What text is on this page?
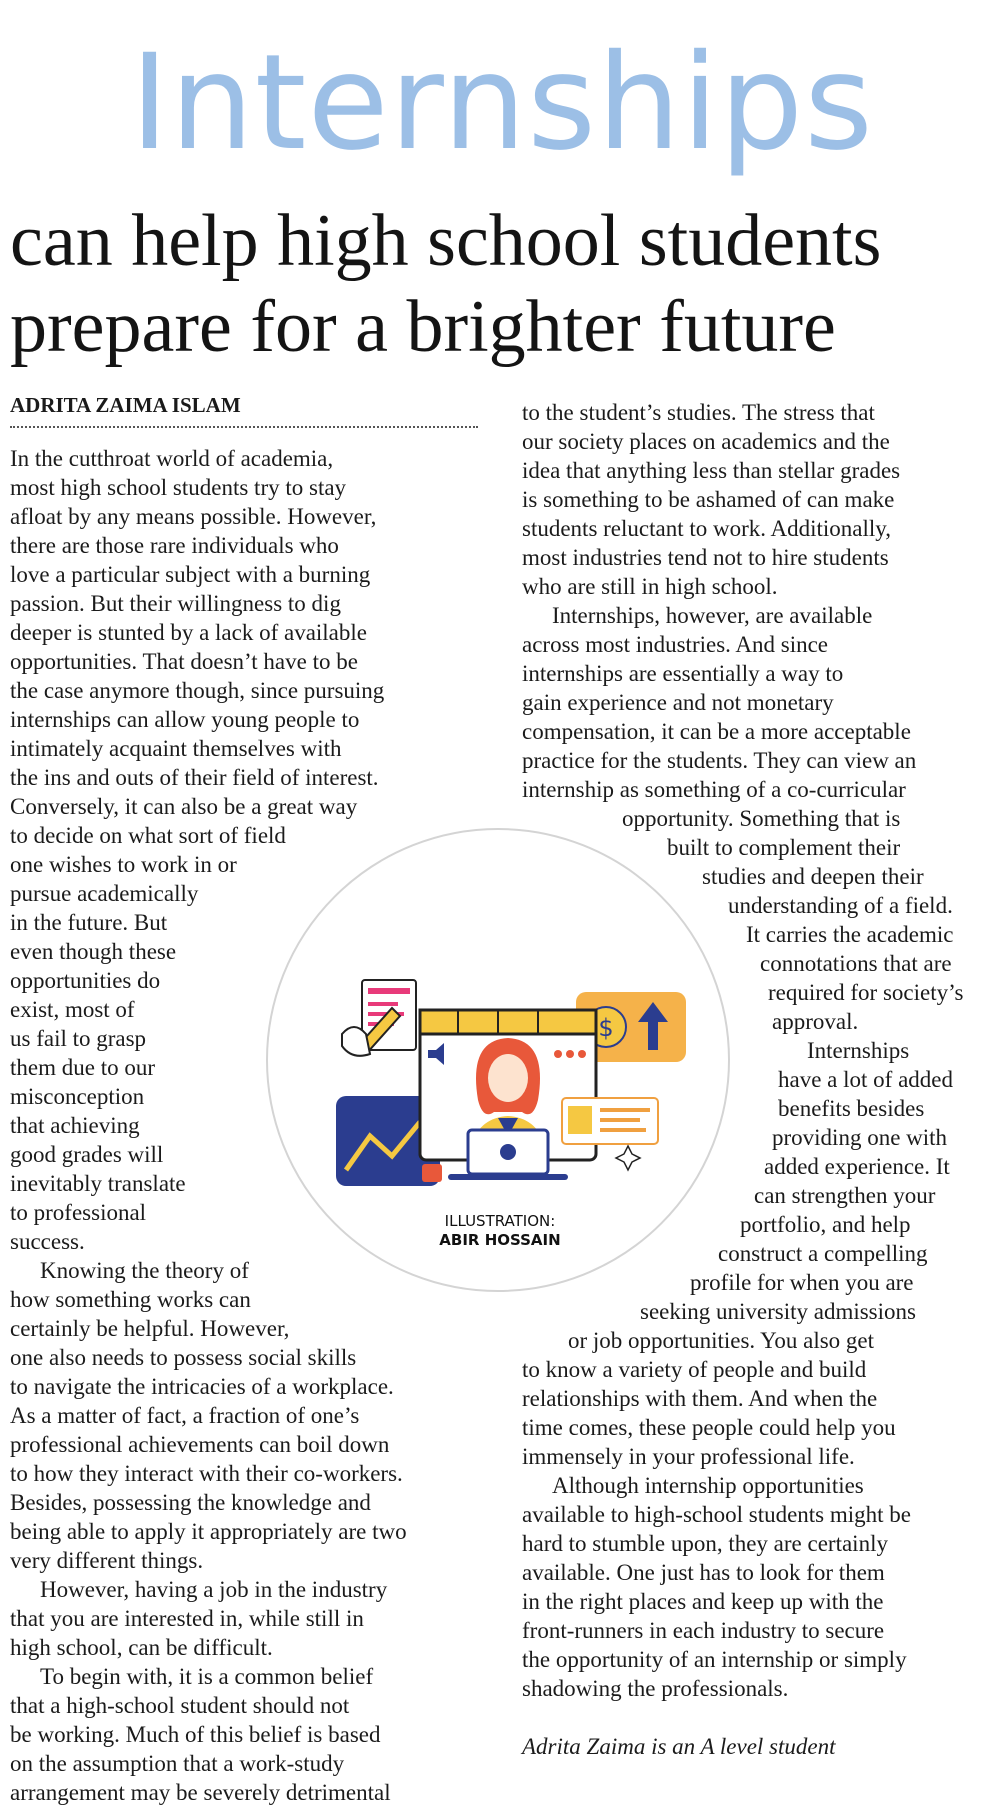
Internships
can help high school students
prepare for a brighter future
ADRITA ZAIMA ISLAM
In the cutthroat world of academia,
most high school students try to stay
afloat by any means possible. However,
there are those rare individuals who
love a particular subject with a burning
passion. But their willingness to dig
deeper is stunted by a lack of available
opportunities. That doesn’t have to be
the case anymore though, since pursuing
internships can allow young people to
intimately acquaint themselves with
the ins and outs of their field of interest.
Conversely, it can also be a great way
to decide on what sort of field
one wishes to work in or
pursue academically
in the future. But
even though these
opportunities do
exist, most of
us fail to grasp
them due to our
misconception
that achieving
good grades will
inevitably translate
to professional
success.
Knowing the theory of
how something works can
certainly be helpful. However,
one also needs to possess social skills
to navigate the intricacies of a workplace.
As a matter of fact, a fraction of one’s
professional achievements can boil down
to how they interact with their co-workers.
Besides, possessing the knowledge and
being able to apply it appropriately are two
very different things.
However, having a job in the industry
that you are interested in, while still in
high school, can be difficult.
To begin with, it is a common belief
that a high-school student should not
be working. Much of this belief is based
on the assumption that a work-study
arrangement may be severely detrimental
to the student’s studies. The stress that
our society places on academics and the
idea that anything less than stellar grades
is something to be ashamed of can make
students reluctant to work. Additionally,
most industries tend not to hire students
who are still in high school.
Internships, however, are available
across most industries. And since
internships are essentially a way to
gain experience and not monetary
compensation, it can be a more acceptable
practice for the students. They can view an
internship as something of a co-curricular
opportunity. Something that is
built to complement their
studies and deepen their
understanding of a field.
It carries the academic
connotations that are
required for society’s
approval.
Internships
have a lot of added
benefits besides
providing one with
added experience. It
can strengthen your
portfolio, and help
construct a compelling
profile for when you are
seeking university admissions
or job opportunities. You also get
to know a variety of people and build
relationships with them. And when the
time comes, these people could help you
immensely in your professional life.
Although internship opportunities
available to high-school students might be
hard to stumble upon, they are certainly
available. One just has to look for them
in the right places and keep up with the
front-runners in each industry to secure
the opportunity of an internship or simply
shadowing the professionals.

Adrita Zaima is an A level student
$
ILLUSTRATION:
ABIR HOSSAIN
